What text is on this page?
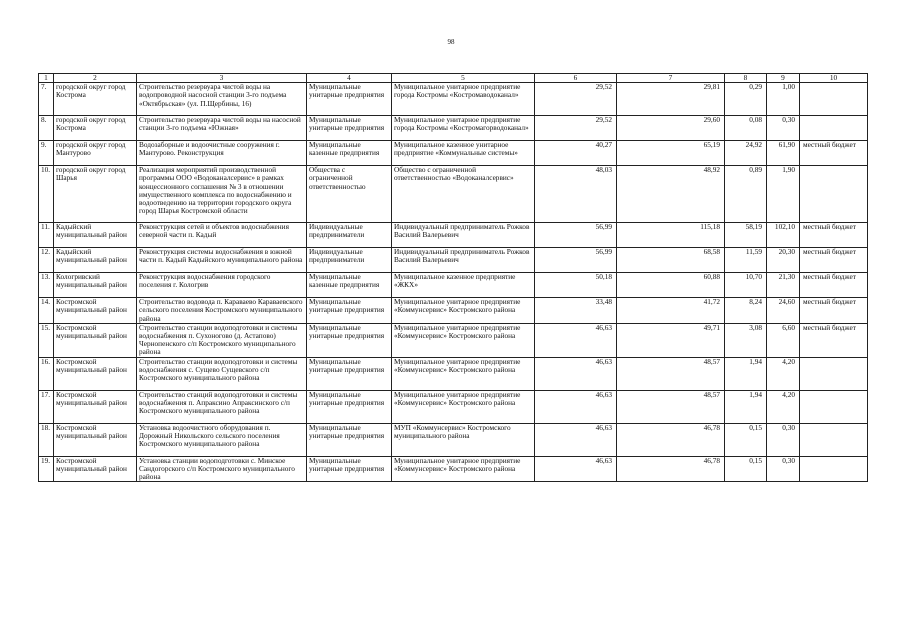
98
1	2	3	4	5	6	7	8	9	10
7.	городской округ город Кострома	Строительство резервуара чистой воды на водопроводной насосной станции 3-го подъема «Октябрьская» (ул. П.Щербины, 16)	Муниципальные унитарные предприятия	Муниципальное унитарное предприятие города Костромы «Костромаводоканал»	29,52	29,81	0,29	1,00	
8.	городской округ город Кострома	Строительство резервуара чистой воды на насосной станции 3-го подъема «Южная»	Муниципальные унитарные предприятия	Муниципальное унитарное предприятие города Костромы «Костромагорводоканал»	29,52	29,60	0,08	0,30	
9.	городской округ город Мантурово	Водозаборные и водоочистные сооружения г. Мантурово. Реконструкция	Муниципальные казенные предприятия	Муниципальное казенное унитарное предприятие «Коммунальные системы»	40,27	65,19	24,92	61,90	местный бюджет
10.	городской округ город Шарья	Реализация мероприятий производственной программы ООО «Водоканалсервис» в рамках концессионного соглашения № 3 в отношении имущественного комплекса по водоснабжению и водоотведению на территории городского округа город Шарья Костромской области	Общества с ограниченной ответственностью	Общество с ограниченной ответственностью «Водоканалсервис»	48,03	48,92	0,89	1,90	
11.	Кадыйский муниципальный район	Реконструкция сетей и объектов водоснабжения северной части п. Кадый	Индивидуальные предприниматели	Индивидуальный предприниматель Рожков Василий Валерьевич	56,99	115,18	58,19	102,10	местный бюджет
12.	Кадыйский муниципальный район	Реконструкция системы водоснабжения в южной части п. Кадый Кадыйского муниципального района	Индивидуальные предприниматели	Индивидуальный предприниматель Рожков Василий Валерьевич	56,99	68,58	11,59	20,30	местный бюджет
13.	Кологривский муниципальный район	Реконструкция водоснабжения городского поселения г. Кологрив	Муниципальные казенные предприятия	Муниципальное казенное предприятие «ЖКХ»	50,18	60,88	10,70	21,30	местный бюджет
14.	Костромской муниципальный район	Строительство водовода п. Караваево Караваевского сельского поселения Костромского муниципального района	Муниципальные унитарные предприятия	Муниципальное унитарное предприятие «Коммунсервис» Костромского района	33,48	41,72	8,24	24,60	местный бюджет
15.	Костромской муниципальный район	Строительство станции водоподготовки и системы водоснабжения п. Сухоногово (д. Астапово) Чернопенского с/п Костромского муниципального района	Муниципальные унитарные предприятия	Муниципальное унитарное предприятие «Коммунсервис» Костромского района	46,63	49,71	3,08	6,60	местный бюджет
16.	Костромской муниципальный район	Строительство станции водоподготовки и системы водоснабжения с. Сущево Сущевского с/п Костромского муниципального района	Муниципальные унитарные предприятия	Муниципальное унитарное предприятие «Коммунсервис» Костромского района	46,63	48,57	1,94	4,20	
17.	Костромской муниципальный район	Строительство станций водоподготовки и системы водоснабжения п. Апраксино Апраксинского с/п Костромского муниципального района	Муниципальные унитарные предприятия	Муниципальное унитарное предприятие «Коммунсервис» Костромского района	46,63	48,57	1,94	4,20	
18.	Костромской муниципальный район	Установка водоочистного оборудования п. Дорожный Никольского сельского поселения Костромского муниципального района	Муниципальные унитарные предприятия	МУП «Коммунсервис» Костромского муниципального района	46,63	46,78	0,15	0,30	
19.	Костромской муниципальный район	Установка станции водоподготовки с. Минское Сандогорского с/п Костромского муниципального района	Муниципальные унитарные предприятия	Муниципальное унитарное предприятие «Коммунсервис» Костромского района	46,63	46,78	0,15	0,30	
